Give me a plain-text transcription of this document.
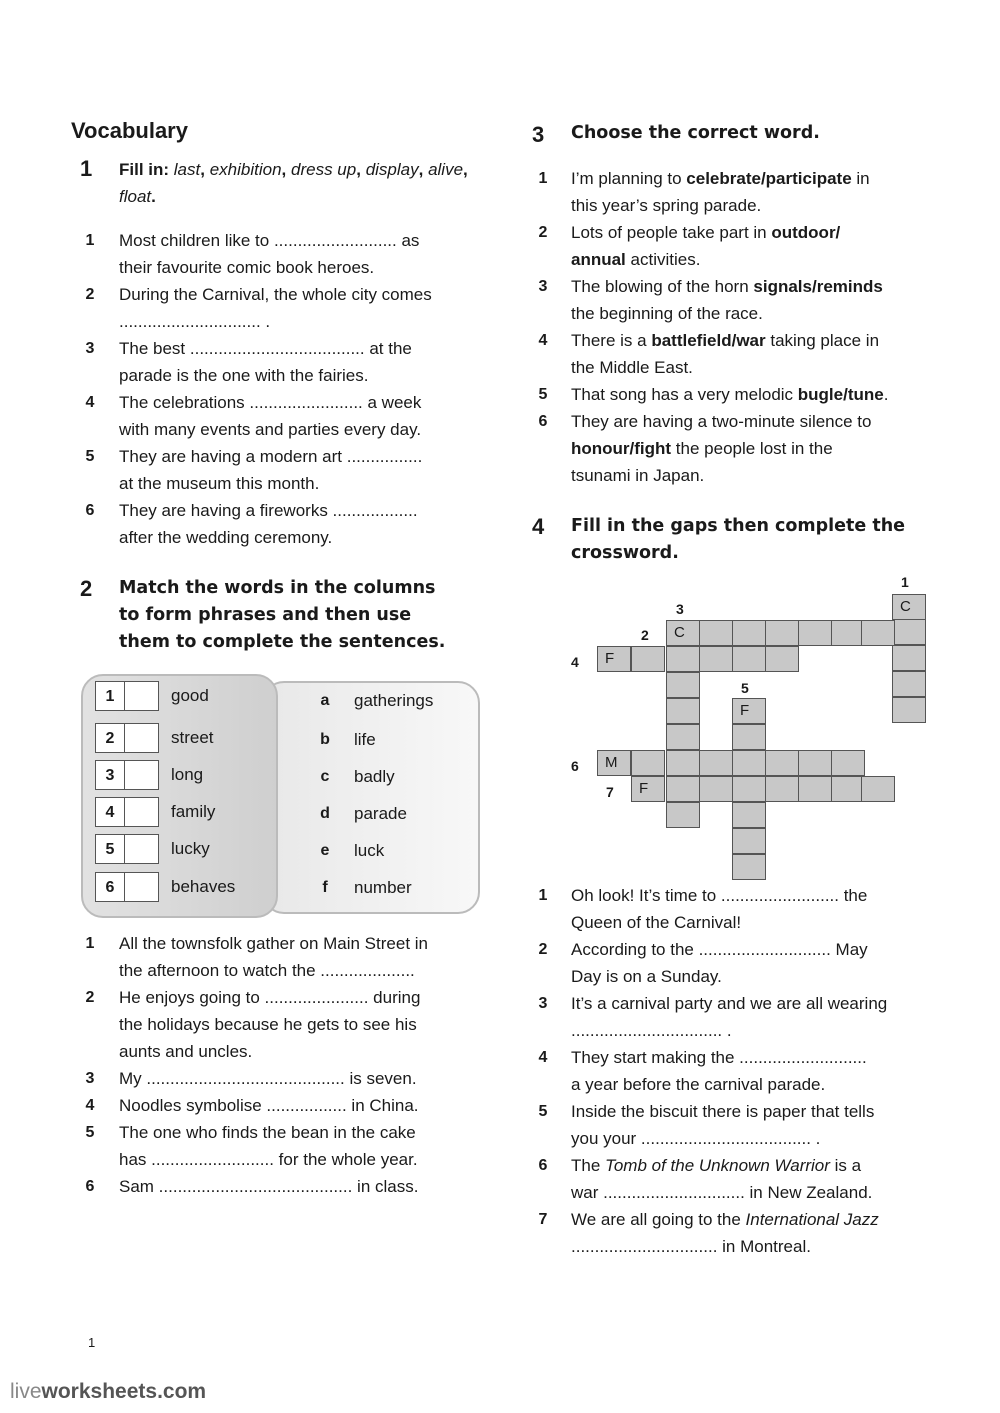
Vocabulary
1 Fill in: last, exhibition, dress up, display, alive, float.
1	Most children like to .......................... as
their favourite comic book heroes.
2	During the Carnival, the whole city comes
.............................. .
3	The best ..................................... at the
parade is the one with the fairies.
4	The celebrations ........................ a week
with many events and parties every day.
5	They are having a modern art ................
at the museum this month.
6	They are having a fireworks ..................
after the wedding ceremony.
2 Match the words in the columns
to form phrases and then use
them to complete the sentences.
1	good
2	street
3	long
4	family
5	lucky
6	behaves
a	gatherings
b	life
c	badly
d	parade
e	luck
f	number
1	All the townsfolk gather on Main Street in
the afternoon to watch the ....................
2	He enjoys going to ...................... during
the holidays because he gets to see his
aunts and uncles.
3	My .......................................... is seven.
4	Noodles symbolise ................. in China.
5	The one who finds the bean in the cake
has .......................... for the whole year.
6	Sam ......................................... in class.
3 Choose the correct word.
1	I’m planning to celebrate/participate in
this year’s spring parade.
2	Lots of people take part in outdoor/
annual activities.
3	The blowing of the horn signals/reminds
the beginning of the race.
4	There is a battlefield/war taking place in
the Middle East.
5	That song has a very melodic bugle/tune.
6	They are having a two-minute silence to
honour/fight the people lost in the
tsunami in Japan.
4 Fill in the gaps then complete the
crossword.
1
3
2
4
5
6
7
C
C
F
F
M
F
1	Oh look! It’s time to ......................... the
Queen of the Carnival!
2	According to the ............................ May
Day is on a Sunday.
3	It’s a carnival party and we are all wearing
................................ .
4	They start making the ...........................
a year before the carnival parade.
5	Inside the biscuit there is paper that tells
you your .................................... .
6	The Tomb of the Unknown Warrior is a
war .............................. in New Zealand.
7	We are all going to the International Jazz
............................... in Montreal.
1
liveworksheets.com
